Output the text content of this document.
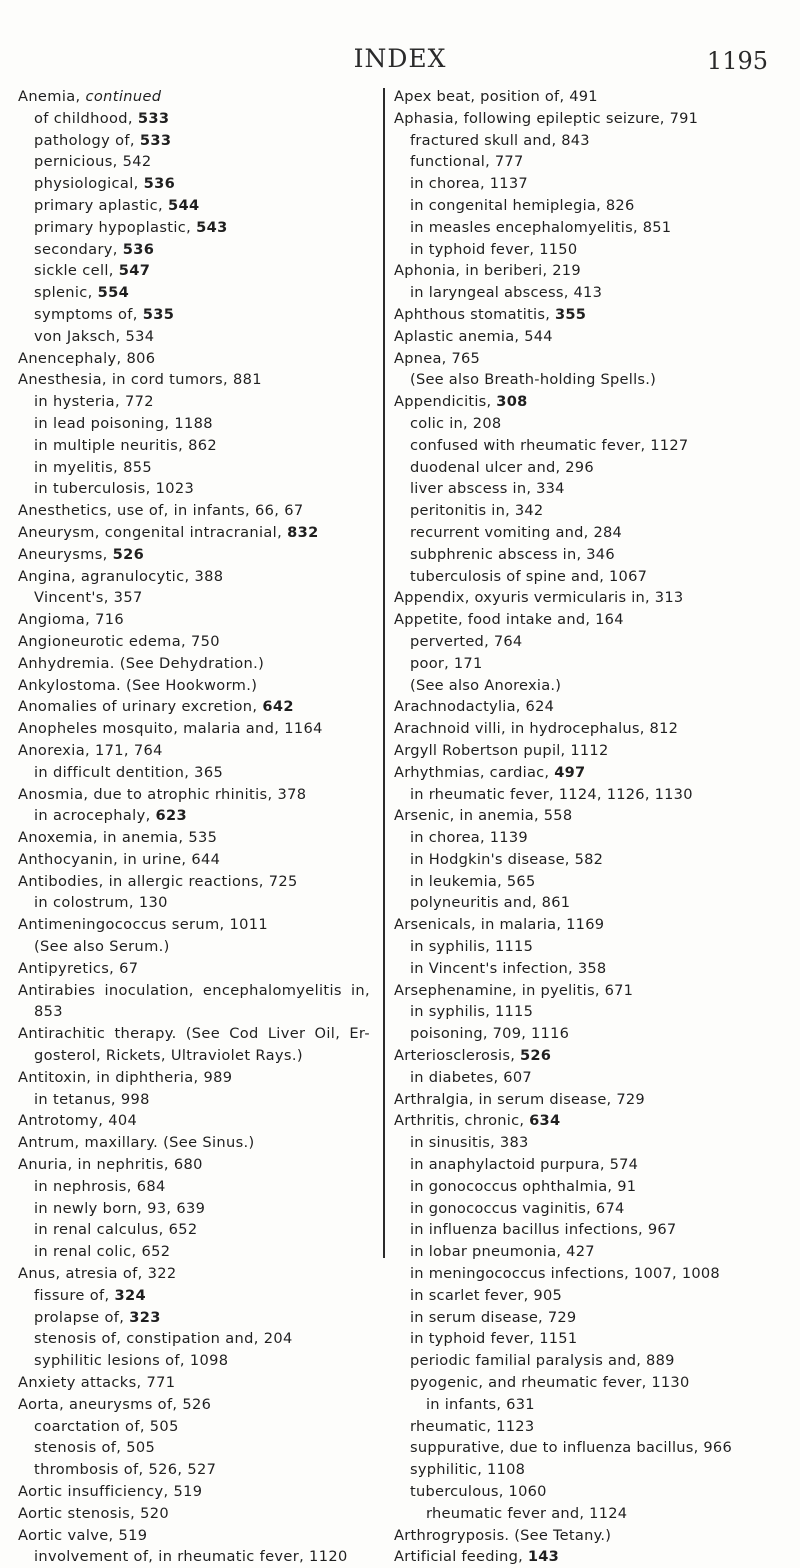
INDEX	1195
Anemia, continued
of childhood, 533
pathology of, 533
pernicious, 542
physiological, 536
primary aplastic, 544
primary hypoplastic, 543
secondary, 536
sickle cell, 547
splenic, 554
symptoms of, 535
von Jaksch, 534
Anencephaly, 806
Anesthesia, in cord tumors, 881
in hysteria, 772
in lead poisoning, 1188
in multiple neuritis, 862
in myelitis, 855
in tuberculosis, 1023
Anesthetics, use of, in infants, 66, 67
Aneurysm, congenital intracranial, 832
Aneurysms, 526
Angina, agranulocytic, 388
Vincent's, 357
Angioma, 716
Angioneurotic edema, 750
Anhydremia. (See Dehydration.)
Ankylostoma. (See Hookworm.)
Anomalies of urinary excretion, 642
Anopheles mosquito, malaria and, 1164
Anorexia, 171, 764
in difficult dentition, 365
Anosmia, due to atrophic rhinitis, 378
in acrocephaly, 623
Anoxemia, in anemia, 535
Anthocyanin, in urine, 644
Antibodies, in allergic reactions, 725
in colostrum, 130
Antimeningococcus serum, 1011
(See also Serum.)
Antipyretics, 67
Antirabies inoculation, encephalomyelitis in,
853
Antirachitic therapy. (See Cod Liver Oil, Er-
gosterol, Rickets, Ultraviolet Rays.)
Antitoxin, in diphtheria, 989
in tetanus, 998
Antrotomy, 404
Antrum, maxillary. (See Sinus.)
Anuria, in nephritis, 680
in nephrosis, 684
in newly born, 93, 639
in renal calculus, 652
in renal colic, 652
Anus, atresia of, 322
fissure of, 324
prolapse of, 323
stenosis of, constipation and, 204
syphilitic lesions of, 1098
Anxiety attacks, 771
Aorta, aneurysms of, 526
coarctation of, 505
stenosis of, 505
thrombosis of, 526, 527
Aortic insufficiency, 519
Aortic stenosis, 520
Aortic valve, 519
involvement of, in rheumatic fever, 1120
Apex beat, position of, 491
Aphasia, following epileptic seizure, 791
fractured skull and, 843
functional, 777
in chorea, 1137
in congenital hemiplegia, 826
in measles encephalomyelitis, 851
in typhoid fever, 1150
Aphonia, in beriberi, 219
in laryngeal abscess, 413
Aphthous stomatitis, 355
Aplastic anemia, 544
Apnea, 765
(See also Breath-holding Spells.)
Appendicitis, 308
colic in, 208
confused with rheumatic fever, 1127
duodenal ulcer and, 296
liver abscess in, 334
peritonitis in, 342
recurrent vomiting and, 284
subphrenic abscess in, 346
tuberculosis of spine and, 1067
Appendix, oxyuris vermicularis in, 313
Appetite, food intake and, 164
perverted, 764
poor, 171
(See also Anorexia.)
Arachnodactylia, 624
Arachnoid villi, in hydrocephalus, 812
Argyll Robertson pupil, 1112
Arhythmias, cardiac, 497
in rheumatic fever, 1124, 1126, 1130
Arsenic, in anemia, 558
in chorea, 1139
in Hodgkin's disease, 582
in leukemia, 565
polyneuritis and, 861
Arsenicals, in malaria, 1169
in syphilis, 1115
in Vincent's infection, 358
Arsephenamine, in pyelitis, 671
in syphilis, 1115
poisoning, 709, 1116
Arteriosclerosis, 526
in diabetes, 607
Arthralgia, in serum disease, 729
Arthritis, chronic, 634
in sinusitis, 383
in anaphylactoid purpura, 574
in gonococcus ophthalmia, 91
in gonococcus vaginitis, 674
in influenza bacillus infections, 967
in lobar pneumonia, 427
in meningococcus infections, 1007, 1008
in scarlet fever, 905
in serum disease, 729
in typhoid fever, 1151
periodic familial paralysis and, 889
pyogenic, and rheumatic fever, 1130
in infants, 631
rheumatic, 1123
suppurative, due to influenza bacillus, 966
syphilitic, 1108
tuberculous, 1060
rheumatic fever and, 1124
Arthrogryposis. (See Tetany.)
Artificial feeding, 143
